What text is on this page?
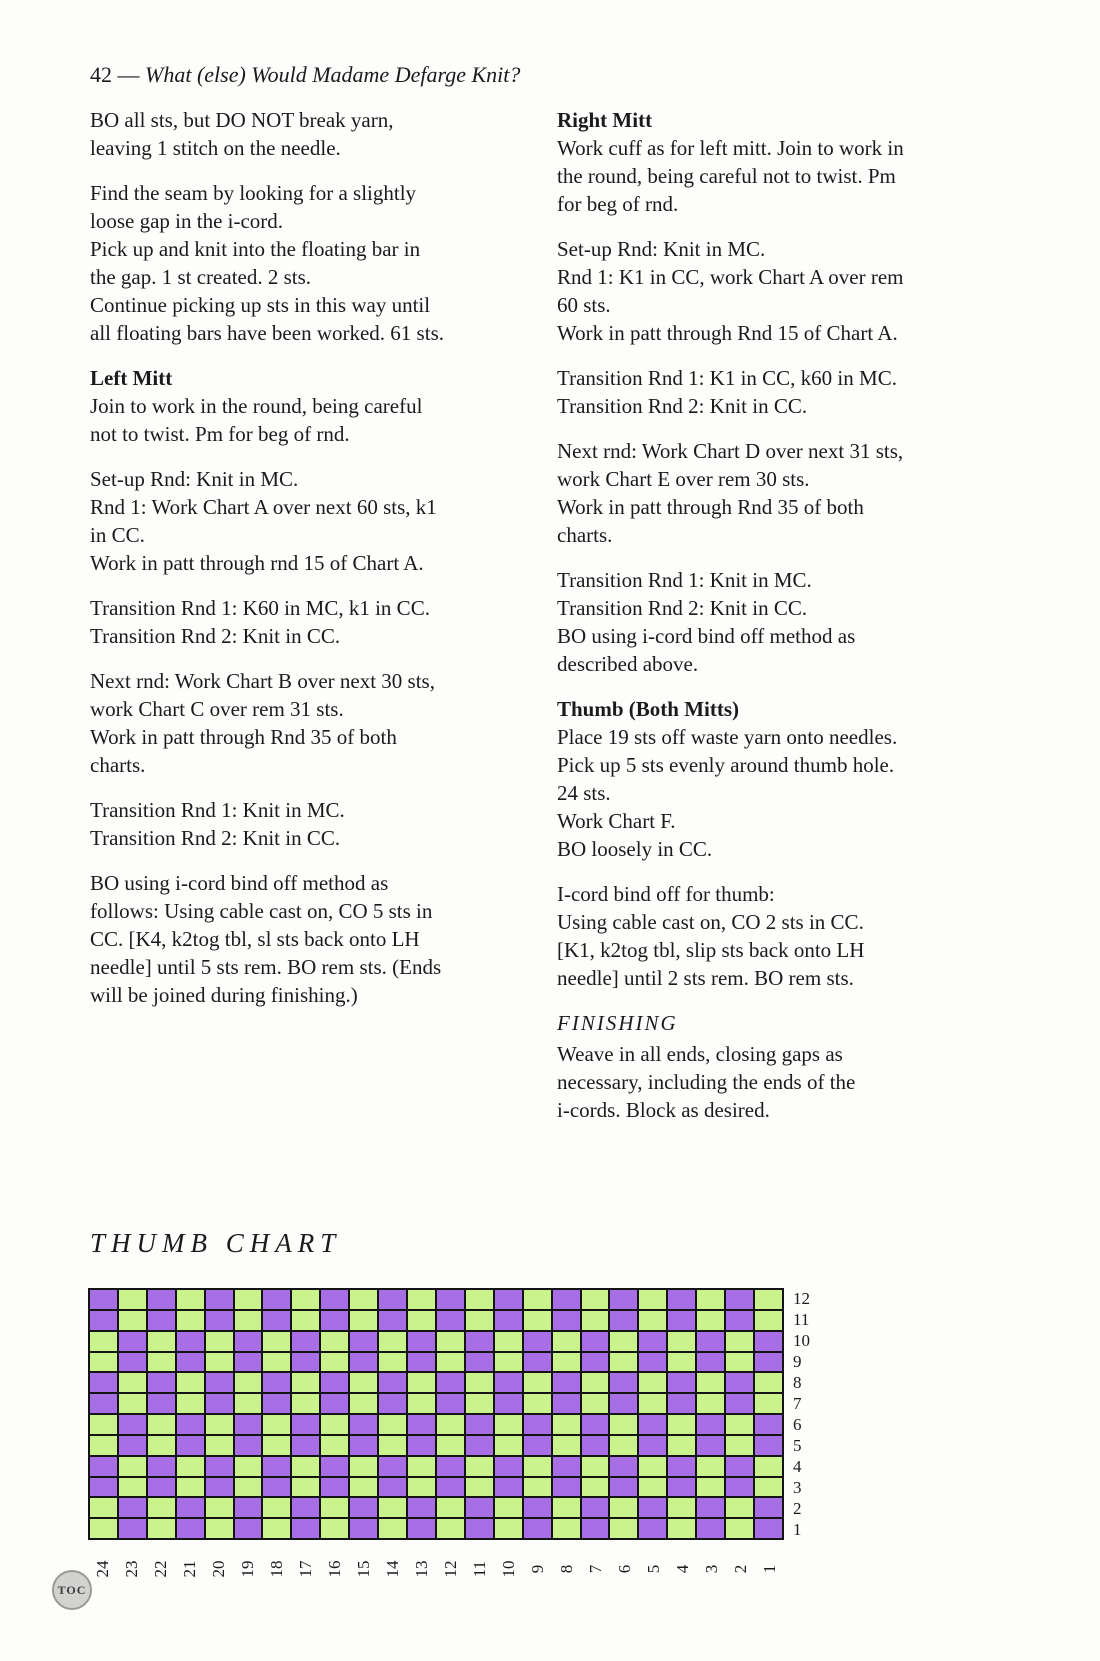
42 — What (else) Would Madame Defarge Knit?
BO all sts, but DO NOT break yarn,
leaving 1 stitch on the needle.
Find the seam by looking for a slightly
loose gap in the i-cord.
Pick up and knit into the floating bar in
the gap. 1 st created. 2 sts.
Continue picking up sts in this way until
all floating bars have been worked. 61 sts.
Left Mitt
Join to work in the round, being careful
not to twist. Pm for beg of rnd.
Set-up Rnd: Knit in MC.
Rnd 1: Work Chart A over next 60 sts, k1
in CC.
Work in patt through rnd 15 of Chart A.
Transition Rnd 1: K60 in MC, k1 in CC.
Transition Rnd 2: Knit in CC.
Next rnd: Work Chart B over next 30 sts,
work Chart C over rem 31 sts.
Work in patt through Rnd 35 of both
charts.
Transition Rnd 1: Knit in MC.
Transition Rnd 2: Knit in CC.
BO using i-cord bind off method as
follows: Using cable cast on, CO 5 sts in
CC. [K4, k2tog tbl, sl sts back onto LH
needle] until 5 sts rem. BO rem sts. (Ends
will be joined during finishing.)
Right Mitt
Work cuff as for left mitt. Join to work in
the round, being careful not to twist. Pm
for beg of rnd.
Set-up Rnd: Knit in MC.
Rnd 1: K1 in CC, work Chart A over rem
60 sts.
Work in patt through Rnd 15 of Chart A.
Transition Rnd 1: K1 in CC, k60 in MC.
Transition Rnd 2: Knit in CC.
Next rnd: Work Chart D over next 31 sts,
work Chart E over rem 30 sts.
Work in patt through Rnd 35 of both
charts.
Transition Rnd 1: Knit in MC.
Transition Rnd 2: Knit in CC.
BO using i-cord bind off method as
described above.
Thumb (Both Mitts)
Place 19 sts off waste yarn onto needles.
Pick up 5 sts evenly around thumb hole.
24 sts.
Work Chart F.
BO loosely in CC.
I-cord bind off for thumb:
Using cable cast on, CO 2 sts in CC.
[K1, k2tog tbl, slip sts back onto LH
needle] until 2 sts rem. BO rem sts.
FINISHING
Weave in all ends, closing gaps as
necessary, including the ends of the
i-cords. Block as desired.
THUMB CHART
12
11
10
9
8
7
6
5
4
3
2
1
24 23 22 21 20 19 18 17 16 15 14 13 12 11 10 9 8 7 6 5 4 3 2 1
TOC
